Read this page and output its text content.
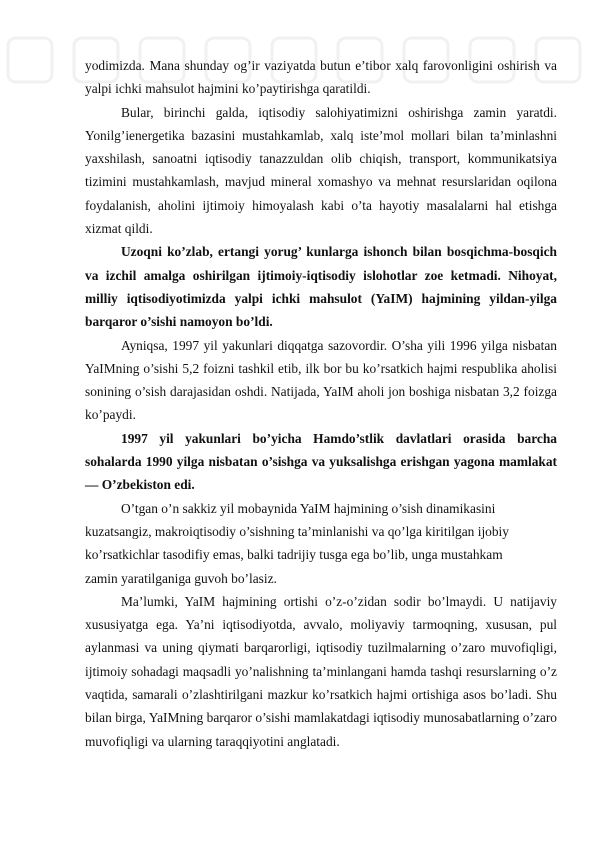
yodimizda. Mana shunday og’ir vaziyatda butun e’tibor xalq farovonligini oshirish va yalpi ichki mahsulot hajmini ko’paytirishga qaratildi.

Bular, birinchi galda, iqtisodiy salohiyatimizni oshirishga zamin yaratdi. Yonilg’ienergetika bazasini mustahkamlab, xalq iste’mol mollari bilan ta’minlashni yaxshilash, sanoatni iqtisodiy tanazzuldan olib chiqish, transport, kommunikatsiya tizimini mustahkamlash, mavjud mineral xomashyo va mehnat resurslaridan oqilona foydalanish, aholini ijtimoiy himoyalash kabi o’ta hayotiy masalalarni hal etishga xizmat qildi.

Uzoqni ko’zlab, ertangi yorug’ kunlarga ishonch bilan bosqichma-bosqich va izchil amalga oshirilgan ijtimoiy-iqtisodiy islohotlar zoe ketmadi. Nihoyat, milliy iqtisodiyotimizda yalpi ichki mahsulot (YaIM) hajmining yildan-yilga barqaror o’sishi namoyon bo’ldi.

Ayniqsa, 1997 yil yakunlari diqqatga sazovordir. O’sha yili 1996 yilga nisbatan YaIMning o’sishi 5,2 foizni tashkil etib, ilk bor bu ko’rsatkich hajmi respublika aholisi sonining o’sish darajasidan oshdi. Natijada, YaIM aholi jon boshiga nisbatan 3,2 foizga ko’paydi.

1997 yil yakunlari bo’yicha Hamdo’stlik davlatlari orasida barcha sohalarda 1990 yilga nisbatan o’sishga va yuksalishga erishgan yagona mamlakat — O’zbekiston edi.

O’tgan o’n sakkiz yil mobaynida YaIM hajmining o’sish dinamikasini

kuzatsangiz, makroiqtisodiy o’sishning ta’minlanishi va qo’lga kiritilgan ijobiy

ko’rsatkichlar tasodifiy emas, balki tadrijiy tusga ega bo’lib, unga mustahkam

zamin yaratilganiga guvoh bo’lasiz.

Ma’lumki, YaIM hajmining ortishi o’z-o’zidan sodir bo’lmaydi. U natijaviy xususiyatga ega. Ya’ni iqtisodiyotda, avvalo, moliyaviy tarmoqning, xususan, pul aylanmasi va uning qiymati barqarorligi, iqtisodiy tuzilmalarning o’zaro muvofiqligi, ijtimoiy sohadagi maqsadli yo’nalishning ta’minlangani hamda tashqi resurslarning o’z vaqtida, samarali o’zlashtirilgani mazkur ko’rsatkich hajmi ortishiga asos bo’ladi. Shu bilan birga, YaIMning barqaror o’sishi mamlakatdagi iqtisodiy munosabatlarning o’zaro muvofiqligi va ularning taraqqiyotini anglatadi.
